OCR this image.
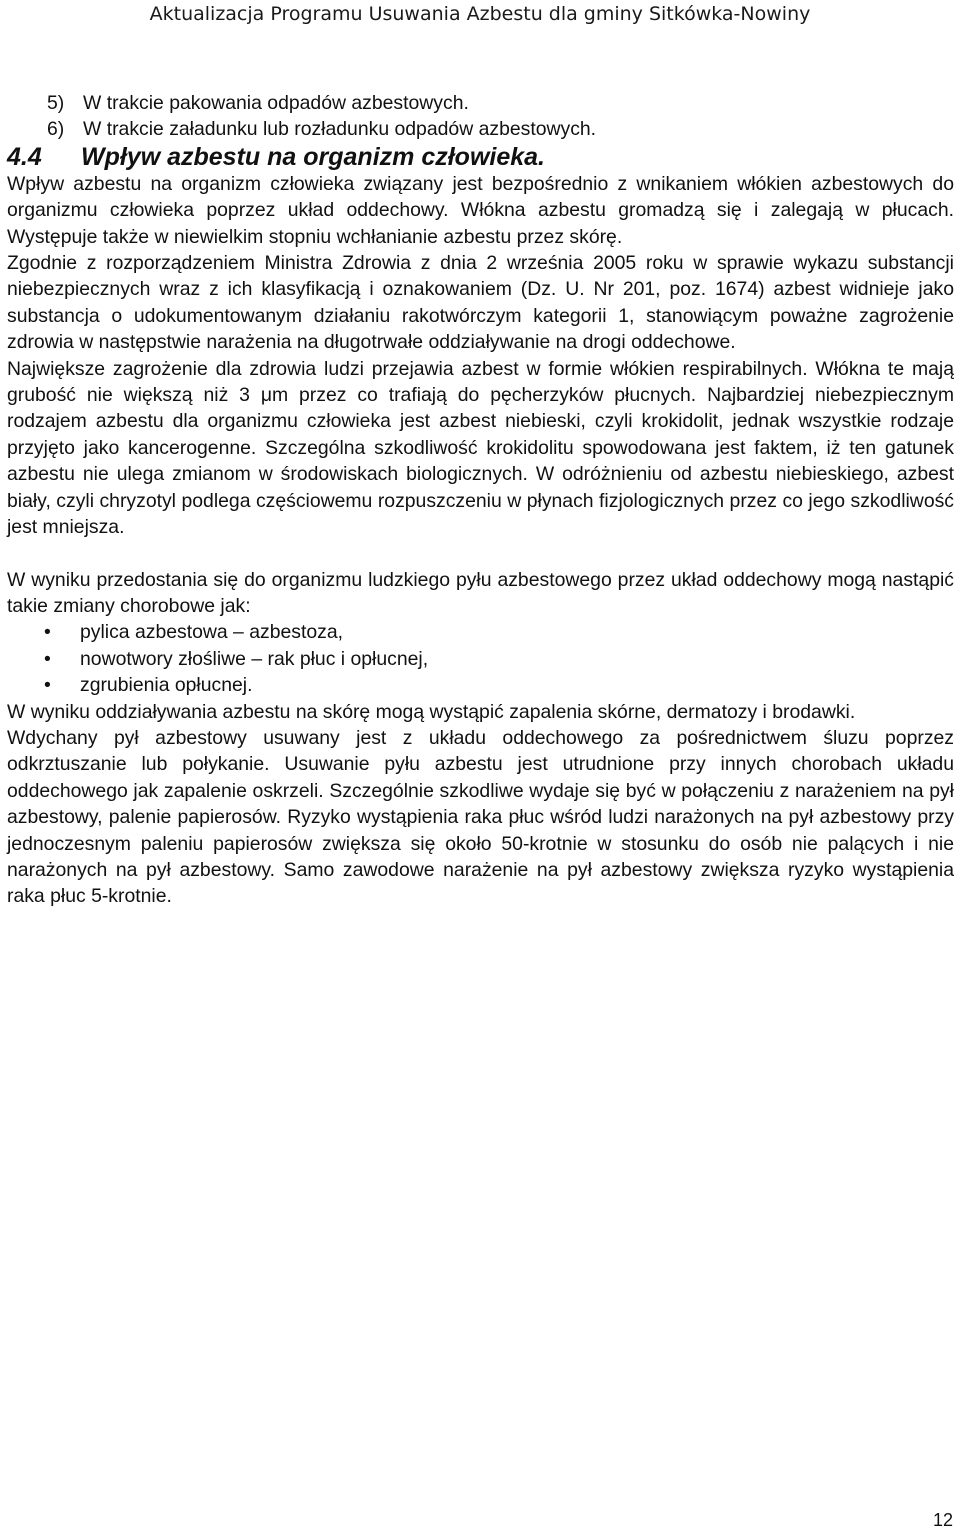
Aktualizacja Programu Usuwania Azbestu dla gminy Sitkówka-Nowiny
5) W trakcie pakowania odpadów azbestowych.
6) W trakcie załadunku lub rozładunku odpadów azbestowych.
4.4 Wpływ azbestu na organizm człowieka.

Wpływ azbestu na organizm człowieka związany jest bezpośrednio z wnikaniem włókien azbestowych do organizmu człowieka poprzez układ oddechowy. Włókna azbestu gromadzą się i zalegają w płucach. Występuje także w niewielkim stopniu wchłanianie azbestu przez skórę.

Zgodnie z rozporządzeniem Ministra Zdrowia z dnia 2 września 2005 roku w sprawie wykazu substancji niebezpiecznych wraz z ich klasyfikacją i oznakowaniem (Dz. U. Nr 201, poz. 1674) azbest widnieje jako substancja o udokumentowanym działaniu rakotwórczym kategorii 1, stanowiącym poważne zagrożenie zdrowia w następstwie narażenia na długotrwałe oddziaływanie na drogi oddechowe.

Największe zagrożenie dla zdrowia ludzi przejawia azbest w formie włókien respirabilnych. Włókna te mają grubość nie większą niż 3 μm przez co trafiają do pęcherzyków płucnych. Najbardziej niebezpiecznym rodzajem azbestu dla organizmu człowieka jest azbest niebieski, czyli krokidolit, jednak wszystkie rodzaje przyjęto jako kancerogenne. Szczególna szkodliwość krokidolitu spowodowana jest faktem, iż ten gatunek azbestu nie ulega zmianom w środowiskach biologicznych. W odróżnieniu od azbestu niebieskiego, azbest biały, czyli chryzotyl podlega częściowemu rozpuszczeniu w płynach fizjologicznych przez co jego szkodliwość jest mniejsza.

W wyniku przedostania się do organizmu ludzkiego pyłu azbestowego przez układ oddechowy mogą nastąpić takie zmiany chorobowe jak:

• pylica azbestowa – azbestoza,
• nowotwory złośliwe – rak płuc i opłucnej,
• zgrubienia opłucnej.

W wyniku oddziaływania azbestu na skórę mogą wystąpić zapalenia skórne, dermatozy i brodawki.

Wdychany pył azbestowy usuwany jest z układu oddechowego za pośrednictwem śluzu poprzez odkrztuszanie lub połykanie. Usuwanie pyłu azbestu jest utrudnione przy innych chorobach układu oddechowego jak zapalenie oskrzeli. Szczególnie szkodliwe wydaje się być w połączeniu z narażeniem na pył azbestowy, palenie papierosów. Ryzyko wystąpienia raka płuc wśród ludzi narażonych na pył azbestowy przy jednoczesnym paleniu papierosów zwiększa się około 50-krotnie w stosunku do osób nie palących i nie narażonych na pył azbestowy. Samo zawodowe narażenie na pył azbestowy zwiększa ryzyko wystąpienia raka płuc 5-krotnie.

12
